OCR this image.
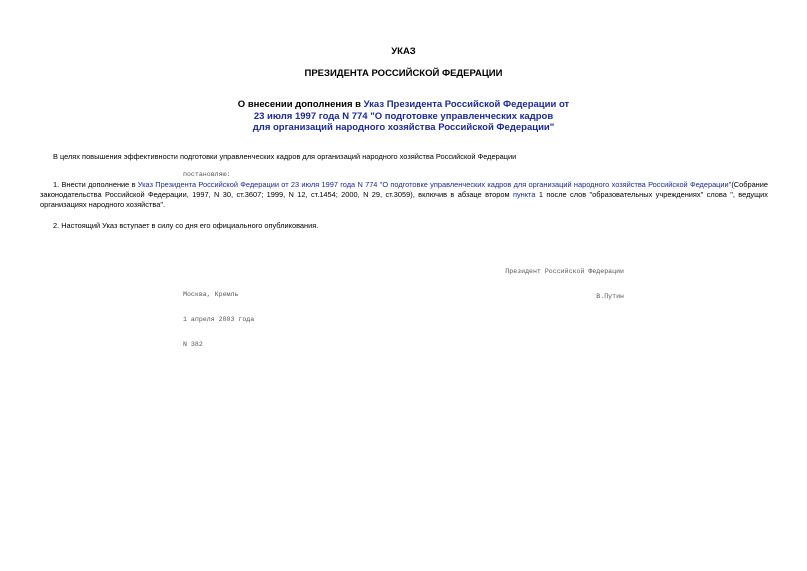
УКАЗ
ПРЕЗИДЕНТА РОССИЙСКОЙ ФЕДЕРАЦИИ
О внесении дополнения в Указ Президента Российской Федерации от
23 июля 1997 года N 774 "О подготовке управленческих кадров
для организаций народного хозяйства Российской Федерации"
В целях повышения эффективности подготовки управленческих кадров для организаций народного хозяйства Российской Федерации
постановляю:
1. Внести дополнение в Указ Президента Российской Федерации от 23 июля 1997 года N 774 "О подготовке управленческих кадров для организаций народного хозяйства Российской Федерации"(Собрание законодательства Российской Федерации, 1997, N 30, ст.3607; 1999, N 12, ст.1454; 2000, N 29, ст.3059), включив в абзаце втором пункта 1 после слов "образовательных учреждениях" слова ", ведущих организациях народного хозяйства".
2. Настоящий Указ вступает в силу со дня его официального опубликования.

Президент Российской Федерации

В.Путин

Москва, Кремль

1 апреля 2003 года

N 382
